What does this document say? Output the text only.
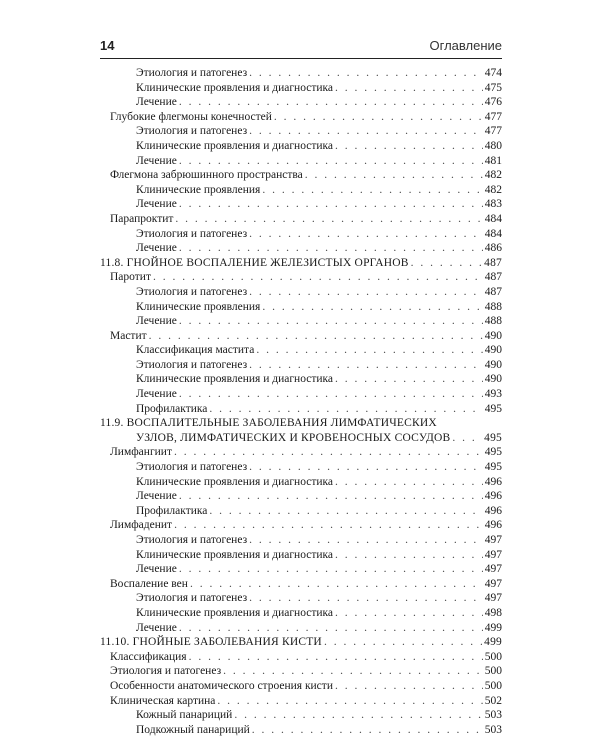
14	Оглавление
Этиология и патогенез . . .	474
Клинические проявления и диагностика . . .	475
Лечение . . .	476
Глубокие флегмоны конечностей . . .	477
Этиология и патогенез . . .	477
Клинические проявления и диагностика . . .	480
Лечение . . .	481
Флегмона забрюшинного пространства . . .	482
Клинические проявления . . .	482
Лечение . . .	483
Парапроктит . . .	484
Этиология и патогенез . . .	484
Лечение . . .	486
11.8. ГНОЙНОЕ ВОСПАЛЕНИЕ ЖЕЛЕЗИСТЫХ ОРГАНОВ . . .	487
Паротит . . .	487
Этиология и патогенез . . .	487
Клинические проявления . . .	488
Лечение . . .	488
Мастит . . .	490
Классификация мастита . . .	490
Этиология и патогенез . . .	490
Клинические проявления и диагностика . . .	490
Лечение . . .	493
Профилактика . . .	495
11.9. ВОСПАЛИТЕЛЬНЫЕ ЗАБОЛЕВАНИЯ ЛИМФАТИЧЕСКИХ
УЗЛОВ, ЛИМФАТИЧЕСКИХ И КРОВЕНОСНЫХ СОСУДОВ . . .	495
Лимфангиит . . .	495
Этиология и патогенез . . .	495
Клинические проявления и диагностика . . .	496
Лечение . . .	496
Профилактика . . .	496
Лимфаденит . . .	496
Этиология и патогенез . . .	497
Клинические проявления и диагностика . . .	497
Лечение . . .	497
Воспаление вен . . .	497
Этиология и патогенез . . .	497
Клинические проявления и диагностика . . .	498
Лечение . . .	499
11.10. ГНОЙНЫЕ ЗАБОЛЕВАНИЯ КИСТИ . . .	499
Классификация . . .	500
Этиология и патогенез . . .	500
Особенности анатомического строения кисти . . .	500
Клиническая картина . . .	502
Кожный панариций . . .	503
Подкожный панариций . . .	503
